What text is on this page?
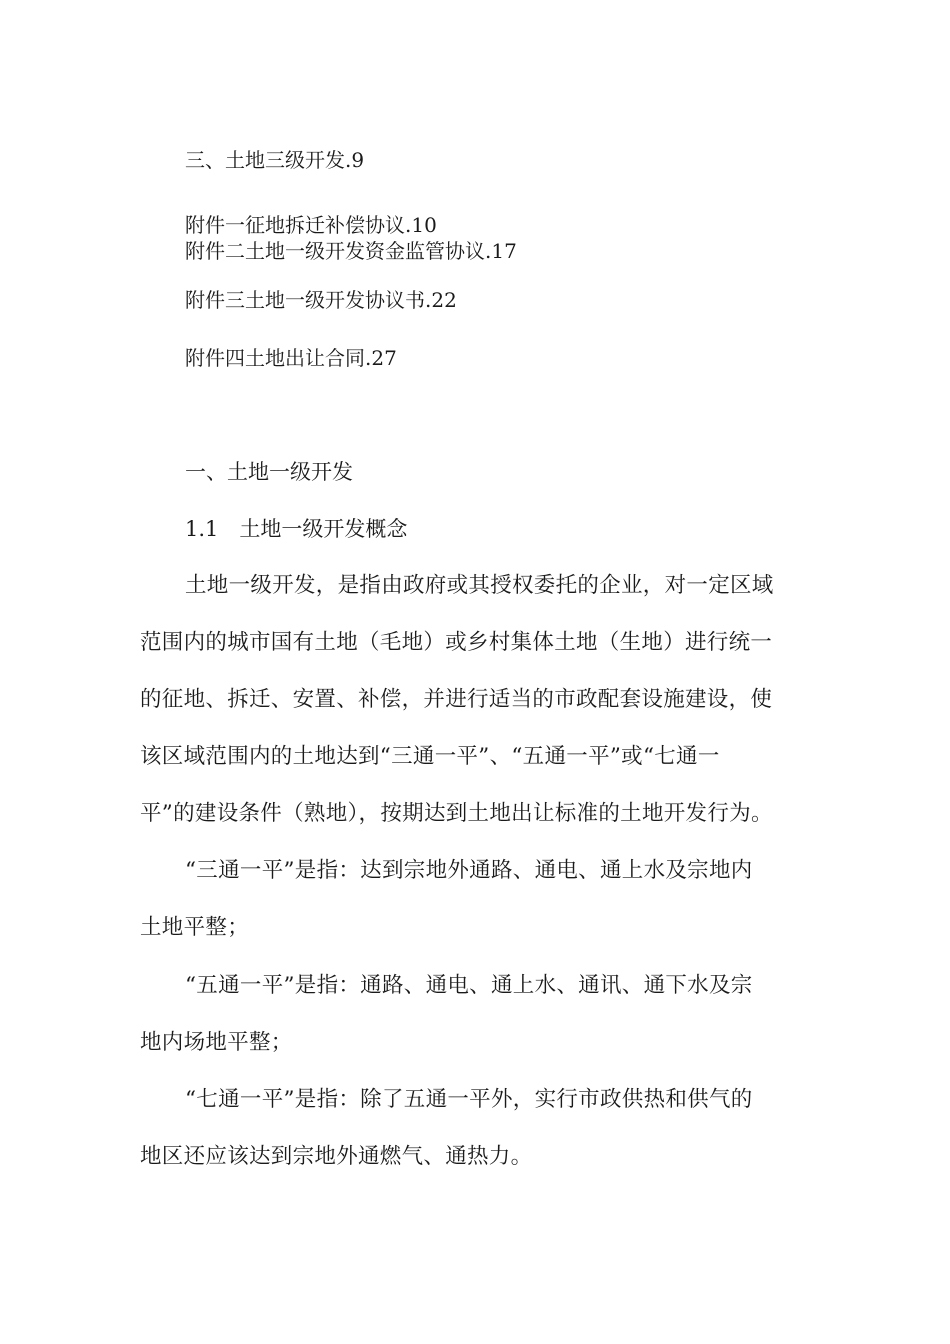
三、土地三级开发.9
附件一征地拆迁补偿协议.10
附件二土地一级开发资金监管协议.17
附件三土地一级开发协议书.22
附件四土地出让合同.27
一、土地一级开发
1.1　土地一级开发概念
土地一级开发，是指由政府或其授权委托的企业，对一定区域
范围内的城市国有土地（毛地）或乡村集体土地（生地）进行统一
的征地、拆迁、安置、补偿，并进行适当的市政配套设施建设，使
该区域范围内的土地达到“三通一平”、“五通一平”或“七通一
平”的建设条件（熟地），按期达到土地出让标准的土地开发行为。
“三通一平”是指：达到宗地外通路、通电、通上水及宗地内
土地平整；
“五通一平”是指：通路、通电、通上水、通讯、通下水及宗
地内场地平整；
“七通一平”是指：除了五通一平外，实行市政供热和供气的
地区还应该达到宗地外通燃气、通热力。
